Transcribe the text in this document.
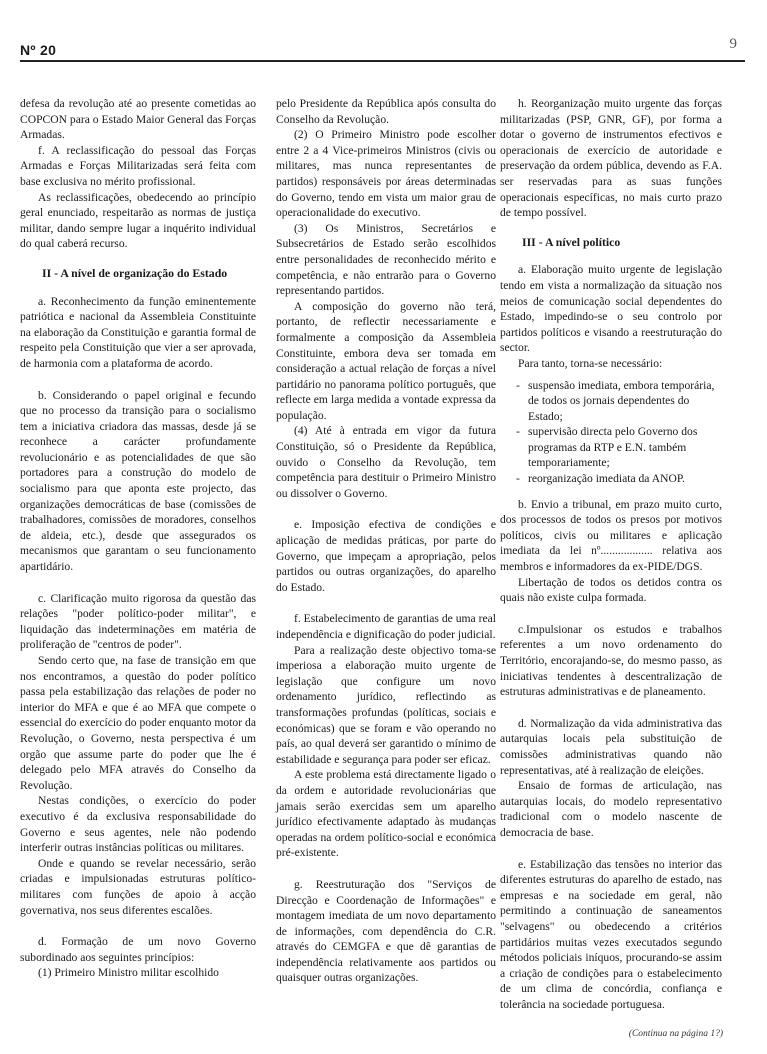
Nº 20	9

defesa da revolução até ao presente cometidas ao COPCON para o Estado Maior General das Forças Armadas.

f. A reclassificação do pessoal das Forças Armadas e Forças Militarizadas será feita com base exclusiva no mérito profissional.

As reclassificações, obedecendo ao princípio geral enunciado, respeitarão as normas de justiça militar, dando sempre lugar a inquérito individual do qual caberá recurso.

II - A nível de organização do Estado

a. Reconhecimento da função eminentemente patriótica e nacional da Assembleia Constituinte na elaboração da Constituição e garantia formal de respeito pela Constituição que vier a ser aprovada, de harmonia com a plataforma de acordo.

b. Considerando o papel original e fecundo que no processo da transição para o socialismo tem a iniciativa criadora das massas, desde já se reconhece a carácter profundamente revolucionário e as potencialidades de que são portadores para a construção do modelo de socialismo para que aponta este projecto, das organizações democráticas de base (comissões de trabalhadores, comissões de moradores, conselhos de aldeia, etc.), desde que assegurados os mecanismos que garantam o seu funcionamento apartidário.

c. Clarificação muito rigorosa da questão das relações "poder político-poder militar", e liquidação das indeterminações em matéria de proliferação de "centros de poder".

Sendo certo que, na fase de transição em que nos encontramos, a questão do poder político passa pela estabilização das relações de poder no interior do MFA e que é ao MFA que compete o essencial do exercício do poder enquanto motor da Revolução, o Governo, nesta perspectiva é um orgão que assume parte do poder que lhe é delegado pelo MFA através do Conselho da Revolução.

Nestas condições, o exercício do poder executivo é da exclusiva responsabilidade do Governo e seus agentes, nele não podendo interferir outras instâncias políticas ou militares.

Onde e quando se revelar necessário, serão criadas e impulsionadas estruturas político-militares com funções de apoio à acção governativa, nos seus diferentes escalões.

d. Formação de um novo Governo subordinado aos seguintes princípios:

(1) Primeiro Ministro militar escolhido

pelo Presidente da República após consulta do Conselho da Revolução.

(2) O Primeiro Ministro pode escolher entre 2 a 4 Vice-primeiros Ministros (civis ou militares, mas nunca representantes de partidos) responsáveis por áreas determinadas do Governo, tendo em vista um maior grau de operacionalidade do executivo.

(3) Os Ministros, Secretários e Subsecretários de Estado serão escolhidos entre personalidades de reconhecido mérito e competência, e não entrarão para o Governo representando partidos.

A composição do governo não terá, portanto, de reflectir necessariamente e formalmente a composição da Assembleia Constituinte, embora deva ser tomada em consideração a actual relação de forças a nível partidário no panorama político português, que reflecte em larga medida a vontade expressa da população.

(4) Até à entrada em vigor da futura Constituição, só o Presidente da República, ouvido o Conselho da Revolução, tem competência para destituir o Primeiro Ministro ou dissolver o Governo.

e. Imposição efectiva de condições e aplicação de medidas práticas, por parte do Governo, que impeçam a apropriação, pelos partidos ou outras organizações, do aparelho do Estado.

f. Estabelecimento de garantias de uma real independência e dignificação do poder judicial.

Para a realização deste objectivo toma-se imperiosa a elaboração muito urgente de legislação que configure um novo ordenamento jurídico, reflectindo as transformações profundas (políticas, sociais e económicas) que se foram e vão operando no país, ao qual deverá ser garantido o mínimo de estabilidade e segurança para poder ser eficaz.

A este problema está directamente ligado o da ordem e autoridade revolucionárias que jamais serão exercidas sem um aparelho jurídico efectivamente adaptado às mudanças operadas na ordem político-social e económica pré-existente.

g. Reestruturação dos "Serviços de Direcção e Coordenação de Informações" e montagem imediata de um novo departamento de informações, com dependência do C.R. através do CEMGFA e que dê garantias de independência relativamente aos partidos ou quaisquer outras organizações.

h. Reorganização muito urgente das forças militarizadas (PSP, GNR, GF), por forma a dotar o governo de instrumentos efectivos e operacionais de exercício de autoridade e preservação da ordem pública, devendo as F.A. ser reservadas para as suas funções operacionais específicas, no mais curto prazo de tempo possível.

III - A nível político

a. Elaboração muito urgente de legislação tendo em vista a normalização da situação nos meios de comunicação social dependentes do Estado, impedindo-se o seu controlo por partidos políticos e visando a reestruturação do sector.

Para tanto, torna-se necessário:

- suspensão imediata, embora temporária, de todos os jornais dependentes do Estado;
- supervisão directa pelo Governo dos programas da RTP e E.N. também temporariamente;
- reorganização imediata da ANOP.

b. Envio a tribunal, em prazo muito curto, dos processos de todos os presos por motivos políticos, civis ou militares e aplicação imediata da lei nº.................. relativa aos membros e informadores da ex-PIDE/DGS.

Libertação de todos os detidos contra os quais não existe culpa formada.

c.Impulsionar os estudos e trabalhos referentes a um novo ordenamento do Território, encorajando-se, do mesmo passo, as iniciativas tendentes à descentralização de estruturas administrativas e de planeamento.

d. Normalização da vida administrativa das autarquias locais pela substituição de comissões administrativas quando não representativas, até à realização de eleições.

Ensaio de formas de articulação, nas autarquias locais, do modelo representativo tradicional com o modelo nascente de democracia de base.

e. Estabilização das tensões no interior das diferentes estruturas do aparelho de estado, nas empresas e na sociedade em geral, não permitindo a continuação de saneamentos "selvagens" ou obedecendo a critérios partidários muitas vezes executados segundo métodos policiais iníquos, procurando-se assim a criação de condições para o estabelecimento de um clima de concórdia, confiança e tolerância na sociedade portuguesa.

(Continua na página 1?)
